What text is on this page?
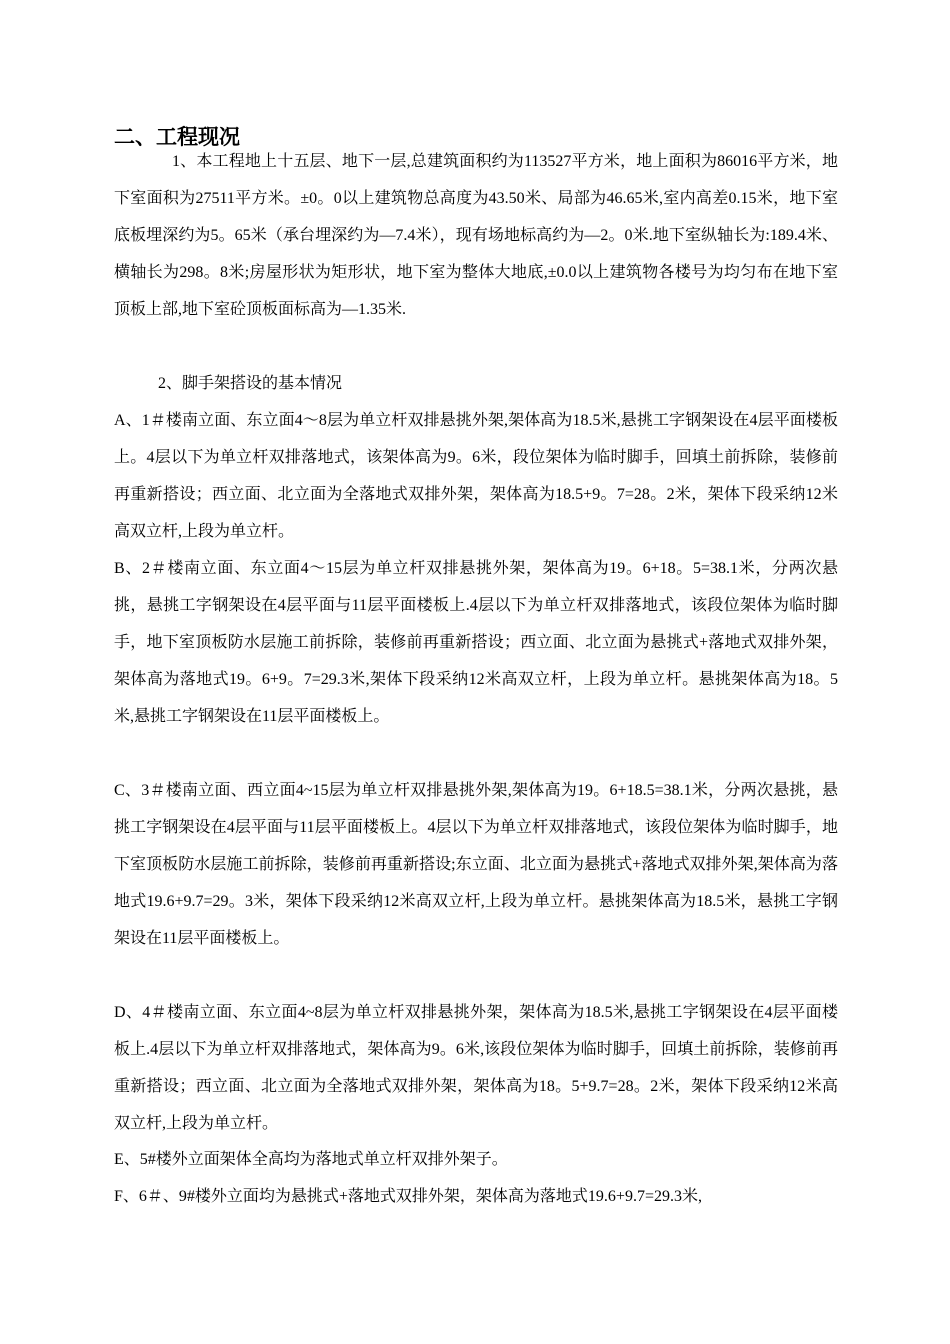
二、工程现况

1、本工程地上十五层、地下一层,总建筑面积约为113527平方米，地上面积为86016平方米，地下室面积为27511平方米。±0。0以上建筑物总高度为43.50米、局部为46.65米,室内高差0.15米，地下室底板埋深约为5。65米（承台埋深约为—7.4米），现有场地标高约为—2。0米.地下室纵轴长为:189.4米、横轴长为298。8米;房屋形状为矩形状，地下室为整体大地底,±0.0以上建筑物各楼号为均匀布在地下室顶板上部,地下室砼顶板面标高为—1.35米.

2、脚手架搭设的基本情况

A、1＃楼南立面、东立面4～8层为单立杆双排悬挑外架,架体高为18.5米,悬挑工字钢架设在4层平面楼板上。4层以下为单立杆双排落地式，该架体高为9。6米，段位架体为临时脚手，回填土前拆除，装修前再重新搭设；西立面、北立面为全落地式双排外架，架体高为18.5+9。7=28。2米，架体下段采纳12米高双立杆,上段为单立杆。

B、2＃楼南立面、东立面4～15层为单立杆双排悬挑外架，架体高为19。6+18。5=38.1米，分两次悬挑，悬挑工字钢架设在4层平面与11层平面楼板上.4层以下为单立杆双排落地式，该段位架体为临时脚手，地下室顶板防水层施工前拆除，装修前再重新搭设；西立面、北立面为悬挑式+落地式双排外架，架体高为落地式19。6+9。7=29.3米,架体下段采纳12米高双立杆，上段为单立杆。悬挑架体高为18。5米,悬挑工字钢架设在11层平面楼板上。

C、3＃楼南立面、西立面4~15层为单立杆双排悬挑外架,架体高为19。6+18.5=38.1米，分两次悬挑，悬挑工字钢架设在4层平面与11层平面楼板上。4层以下为单立杆双排落地式，该段位架体为临时脚手，地下室顶板防水层施工前拆除，装修前再重新搭设;东立面、北立面为悬挑式+落地式双排外架,架体高为落地式19.6+9.7=29。3米，架体下段采纳12米高双立杆,上段为单立杆。悬挑架体高为18.5米，悬挑工字钢架设在11层平面楼板上。

D、4＃楼南立面、东立面4~8层为单立杆双排悬挑外架，架体高为18.5米,悬挑工字钢架设在4层平面楼板上.4层以下为单立杆双排落地式，架体高为9。6米,该段位架体为临时脚手，回填土前拆除，装修前再重新搭设；西立面、北立面为全落地式双排外架，架体高为18。5+9.7=28。2米，架体下段采纳12米高双立杆,上段为单立杆。

E、5#楼外立面架体全高均为落地式单立杆双排外架子。

F、6＃、9#楼外立面均为悬挑式+落地式双排外架，架体高为落地式19.6+9.7=29.3米,
